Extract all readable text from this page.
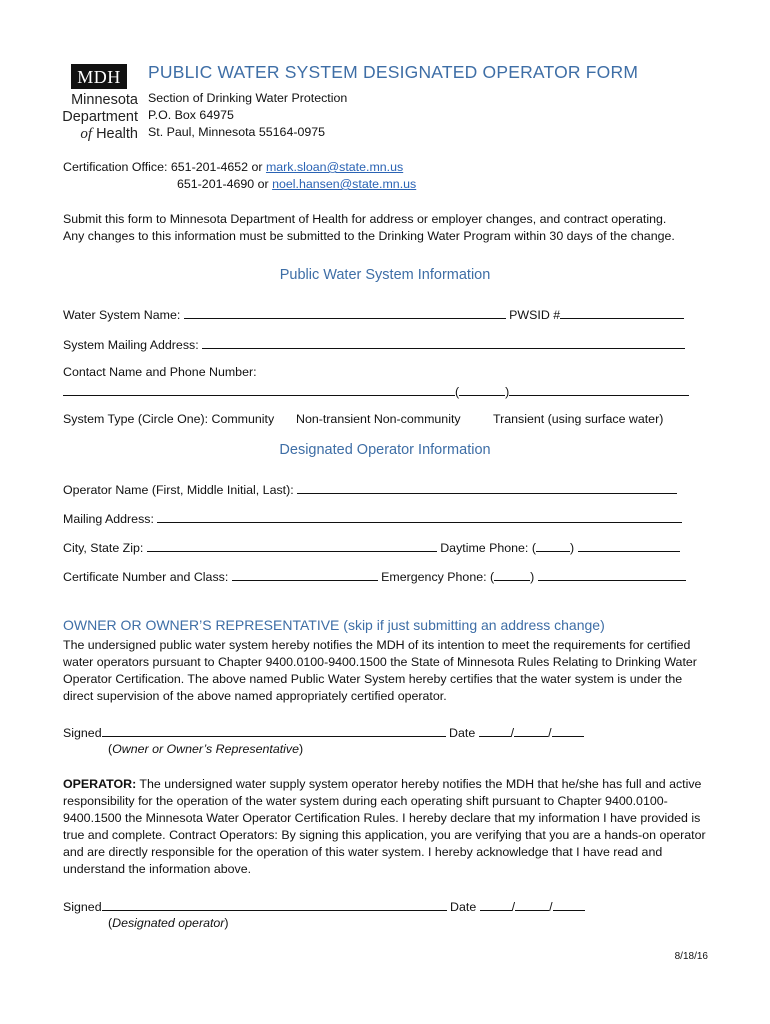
MDH
Minnesota
Department
of Health
PUBLIC WATER SYSTEM DESIGNATED OPERATOR FORM
Section of Drinking Water Protection
P.O. Box 64975
St. Paul, Minnesota 55164-0975
Certification Office: 651-201-4652 or mark.sloan@state.mn.us
651-201-4690 or noel.hansen@state.mn.us
Submit this form to Minnesota Department of Health for address or employer changes, and contract operating.
Any changes to this information must be submitted to the Drinking Water Program within 30 days of the change.
Public Water System Information
Water System Name:	PWSID #
System Mailing Address:
Contact Name and Phone Number:
(	)
System Type (Circle One): Community Non-transient Non-community	Transient (using surface water)
Designated Operator Information
Operator Name (First, Middle Initial, Last):
Mailing Address:
City, State Zip:	Daytime Phone: (	)
Certificate Number and Class:	Emergency Phone: (	)
OWNER OR OWNER’S REPRESENTATIVE (skip if just submitting an address change)
The undersigned public water system hereby notifies the MDH of its intention to meet the requirements for certified water operators pursuant to Chapter 9400.0100-9400.1500 the State of Minnesota Rules Relating to Drinking Water Operator Certification. The above named Public Water System hereby certifies that the water system is under the direct supervision of the above named appropriately certified operator.
Signed	Date	/	/
(Owner or Owner’s Representative)
OPERATOR: The undersigned water supply system operator hereby notifies the MDH that he/she has full and active responsibility for the operation of the water system during each operating shift pursuant to Chapter 9400.0100-9400.1500 the Minnesota Water Operator Certification Rules. I hereby declare that my information I have provided is true and complete. Contract Operators: By signing this application, you are verifying that you are a hands-on operator and are directly responsible for the operation of this water system. I hereby acknowledge that I have read and understand the information above.
Signed	Date	/	/
(Designated operator)
8/18/16
